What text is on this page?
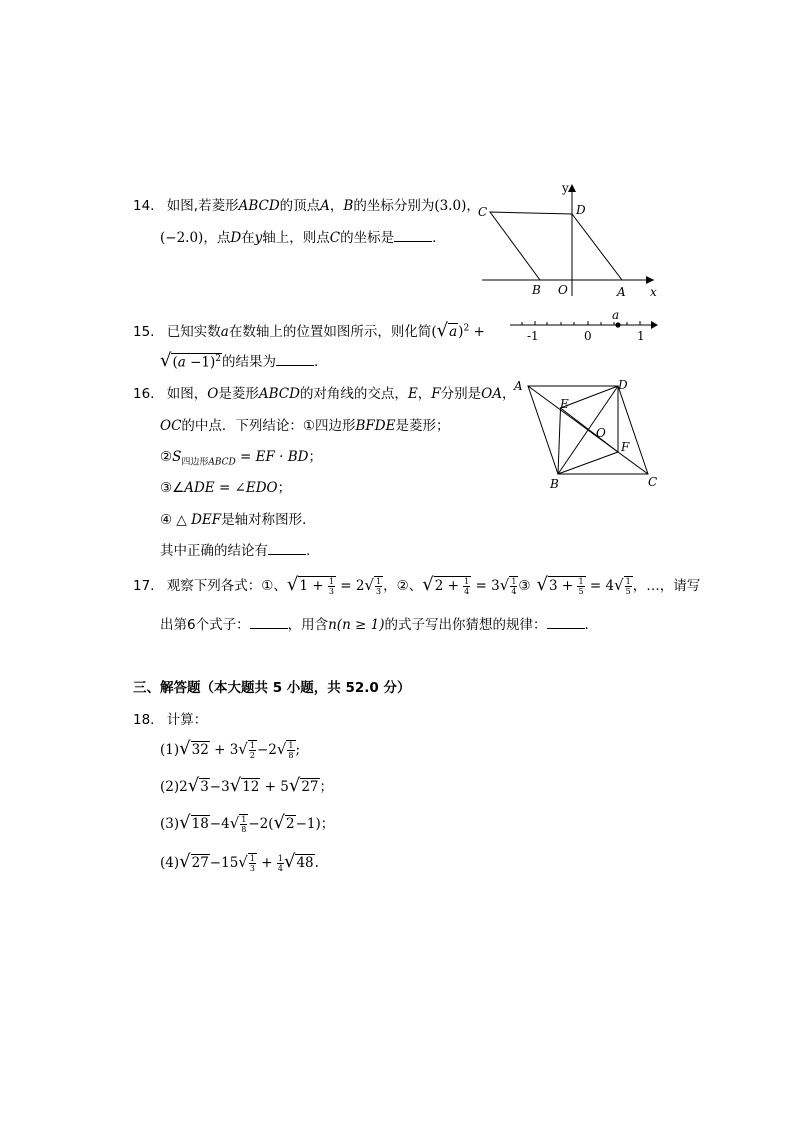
14. 如图,若菱形ABCD的顶点A，B的坐标分别为(3.0)，
(−2.0)，点D在y轴上，则点C的坐标是	.
y
C	D
B O	A x
15. 已知实数a在数轴上的位置如图所示，则化简$(√a)^2$ +
$√(a -1)^2$的结果为	.
a
-1	0	1
16. 如图，O是菱形ABCD的对角线的交点，E，F分别是OA，
OC的中点．下列结论：①四边形BFDE是菱形；
$②S_{四边形ABCD}$ = EF · BD；
③∠ADE = ∠EDO；
④ △ DEF是轴对称图形．
其中正确的结论有	.
A	D
E
O
F
B	C
17. 观察下列各式：①、$√1 + \frac{1}{3} = 2√ \frac{1}{3}$ ，②、$√2 + \frac{1}{4} = 3√ \frac{1}{4}$ ③ $√3 + \frac{1}{5} = 4√ \frac{1}{5}$ ，…，请写
出第6个式子：	，用含n(n ≥ 1)的式子写出你猜想的规律：	.
三、解答题（本大题共 5 小题，共 52.0 分）
18. 计算：
$(1)√32 + 3√ \frac{1}{2} -2√ \frac{1}{8}$ ;
(2)2√3−3√12 + 5√27；
$(3)√18-4√ \frac{1}{8} -2(√2-1)$；
$(4)√27-15√ \frac{1}{3} + \frac{1}{4} √48$.
